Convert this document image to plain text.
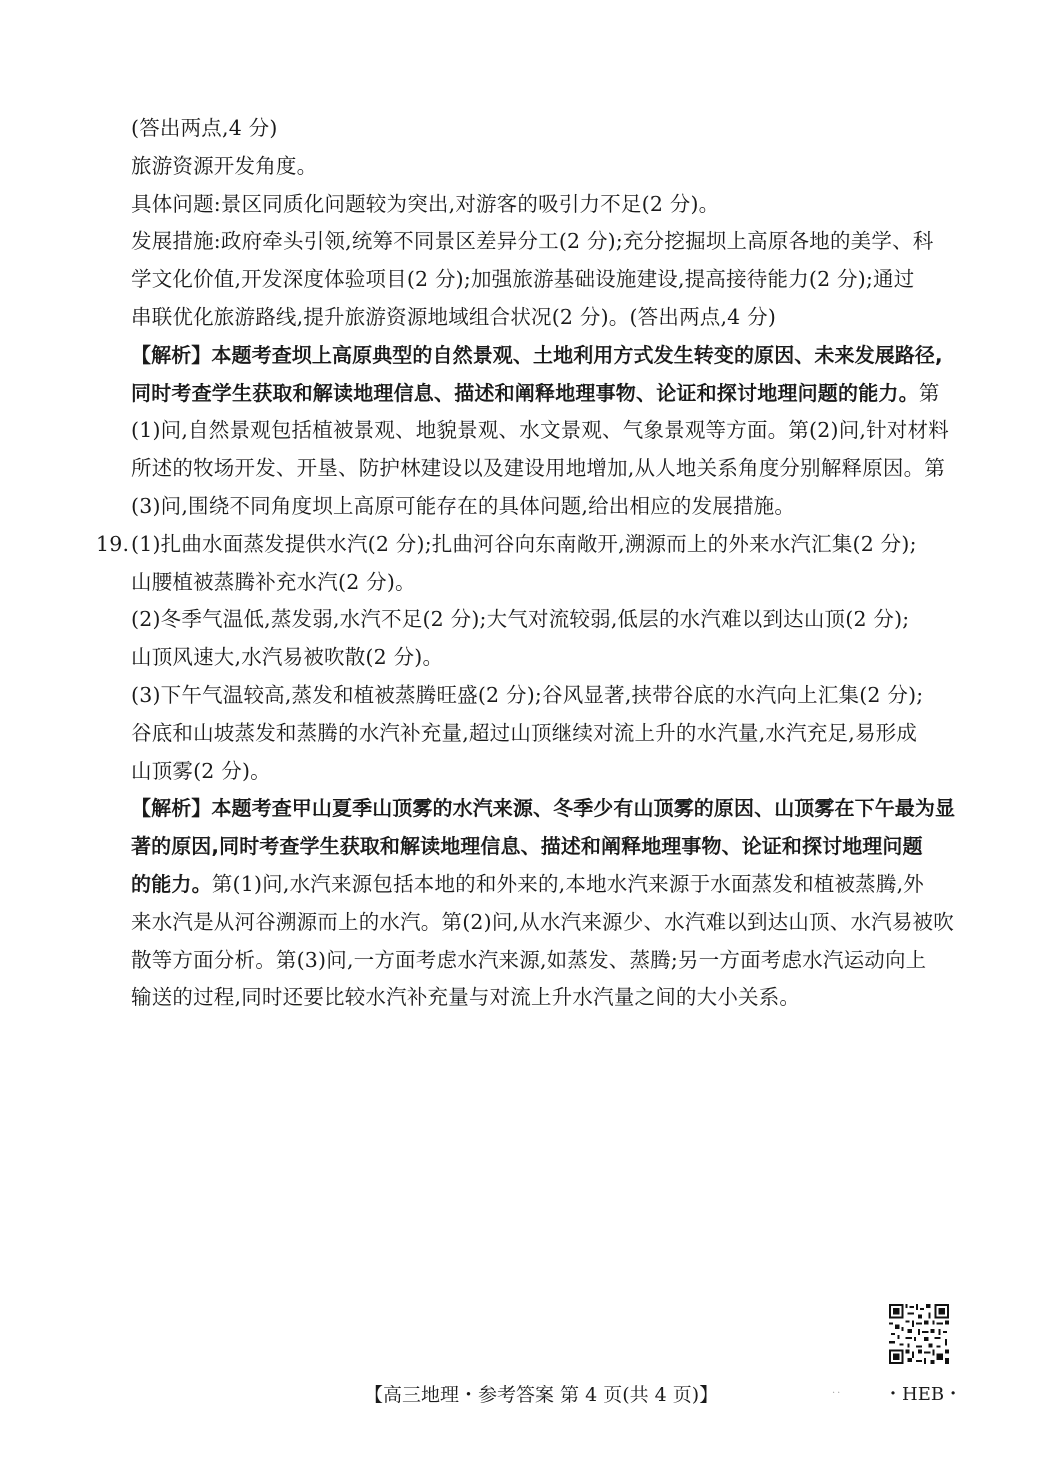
(答出两点,4 分)
旅游资源开发角度。
具体问题:景区同质化问题较为突出,对游客的吸引力不足(2 分)。
发展措施:政府牵头引领,统筹不同景区差异分工(2 分);充分挖掘坝上高原各地的美学、科
学文化价值,开发深度体验项目(2 分);加强旅游基础设施建设,提高接待能力(2 分);通过
串联优化旅游路线,提升旅游资源地域组合状况(2 分)。(答出两点,4 分)
【解析】本题考查坝上高原典型的自然景观、土地利用方式发生转变的原因、未来发展路径,
同时考查学生获取和解读地理信息、描述和阐释地理事物、论证和探讨地理问题的能力。第
(1)问,自然景观包括植被景观、地貌景观、水文景观、气象景观等方面。第(2)问,针对材料
所述的牧场开发、开垦、防护林建设以及建设用地增加,从人地关系角度分别解释原因。第
(3)问,围绕不同角度坝上高原可能存在的具体问题,给出相应的发展措施。
19. (1)扎曲水面蒸发提供水汽(2 分);扎曲河谷向东南敞开,溯源而上的外来水汽汇集(2 分);
山腰植被蒸腾补充水汽(2 分)。
(2)冬季气温低,蒸发弱,水汽不足(2 分);大气对流较弱,低层的水汽难以到达山顶(2 分);
山顶风速大,水汽易被吹散(2 分)。
(3)下午气温较高,蒸发和植被蒸腾旺盛(2 分);谷风显著,挟带谷底的水汽向上汇集(2 分);
谷底和山坡蒸发和蒸腾的水汽补充量,超过山顶继续对流上升的水汽量,水汽充足,易形成
山顶雾(2 分)。
【解析】本题考查甲山夏季山顶雾的水汽来源、冬季少有山顶雾的原因、山顶雾在下午最为显
著的原因,同时考查学生获取和解读地理信息、描述和阐释地理事物、论证和探讨地理问题
的能力。第(1)问,水汽来源包括本地的和外来的,本地水汽来源于水面蒸发和植被蒸腾,外
来水汽是从河谷溯源而上的水汽。第(2)问,从水汽来源少、水汽难以到达山顶、水汽易被吹
散等方面分析。第(3)问,一方面考虑水汽来源,如蒸发、蒸腾;另一方面考虑水汽运动向上
输送的过程,同时还要比较水汽补充量与对流上升水汽量之间的大小关系。
【高三地理・参考答案 第 4 页(共 4 页)】	·· ・HEB・
